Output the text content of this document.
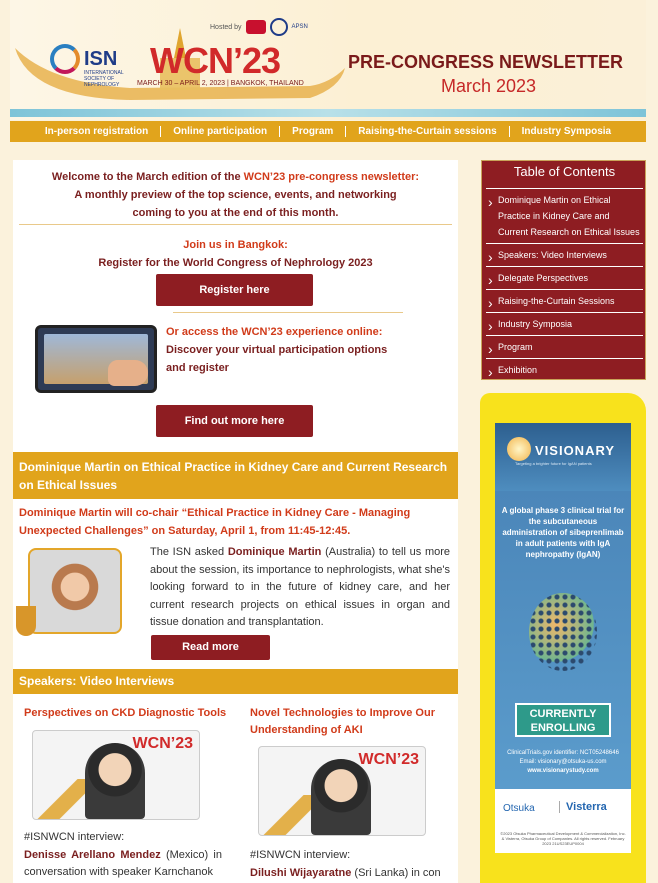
Hosted by	APSN
ISN
INTERNATIONAL SOCIETY OF NEPHROLOGY
WCN’23
MARCH 30 – APRIL 2, 2023 | BANGKOK, THAILAND
PRE-CONGRESS NEWSLETTER
March 2023
In-person registration	Online participation	Program	Raising-the-Curtain sessions	Industry Symposia
Welcome to the March edition of the WCN’23 pre-congress newsletter:
A monthly preview of the top science, events, and networking
coming to you at the end of this month.
Join us in Bangkok:
Register for the World Congress of Nephrology 2023
Register here
Or access the WCN’23 experience online:
Discover your virtual participation options
and register
Find out more here
Dominique Martin on Ethical Practice in Kidney Care and Current Research on Ethical Issues
Dominique Martin will co-chair “Ethical Practice in Kidney Care - Managing Unexpected Challenges” on Saturday, April 1, from 11:45-12:45.
The ISN asked Dominique Martin (Australia) to tell us more about the session, its importance to nephrologists, what she's looking forward to in the future of kidney care, and her current research projects on ethical issues in organ and tissue donation and transplantation.
Read more
Speakers: Video Interviews
Perspectives on CKD Diagnostic Tools
WCN’23
#ISNWCN interview:
Denisse Arellano Mendez (Mexico) in conversation with speaker Karnchanok
Novel Technologies to Improve Our Understanding of AKI
WCN’23
#ISNWCN interview:
Dilushi Wijayaratne (Sri Lanka) in con
Table of Contents
› Dominique Martin on Ethical Practice in Kidney Care and Current Research on Ethical Issues
› Speakers: Video Interviews
› Delegate Perspectives
› Raising-the-Curtain Sessions
› Industry Symposia
› Program
› Exhibition
VISIONARY
Targeting a brighter future for IgAN patients
A global phase 3 clinical trial for the subcutaneous administration of sibeprenlimab in adult patients with IgA nephropathy (IgAN)
CURRENTLY ENROLLING
ClinicalTrials.gov identifier: NCT05248646
Email: visionary@otsuka-us.com
www.visionarystudy.com
Otsuka	Visterra
©2023 Otsuka Pharmaceutical Development & Commercialization, Inc. & Visterra, Otsuka Group of Companies. All rights reserved. February 2023 21US23EUP0004
